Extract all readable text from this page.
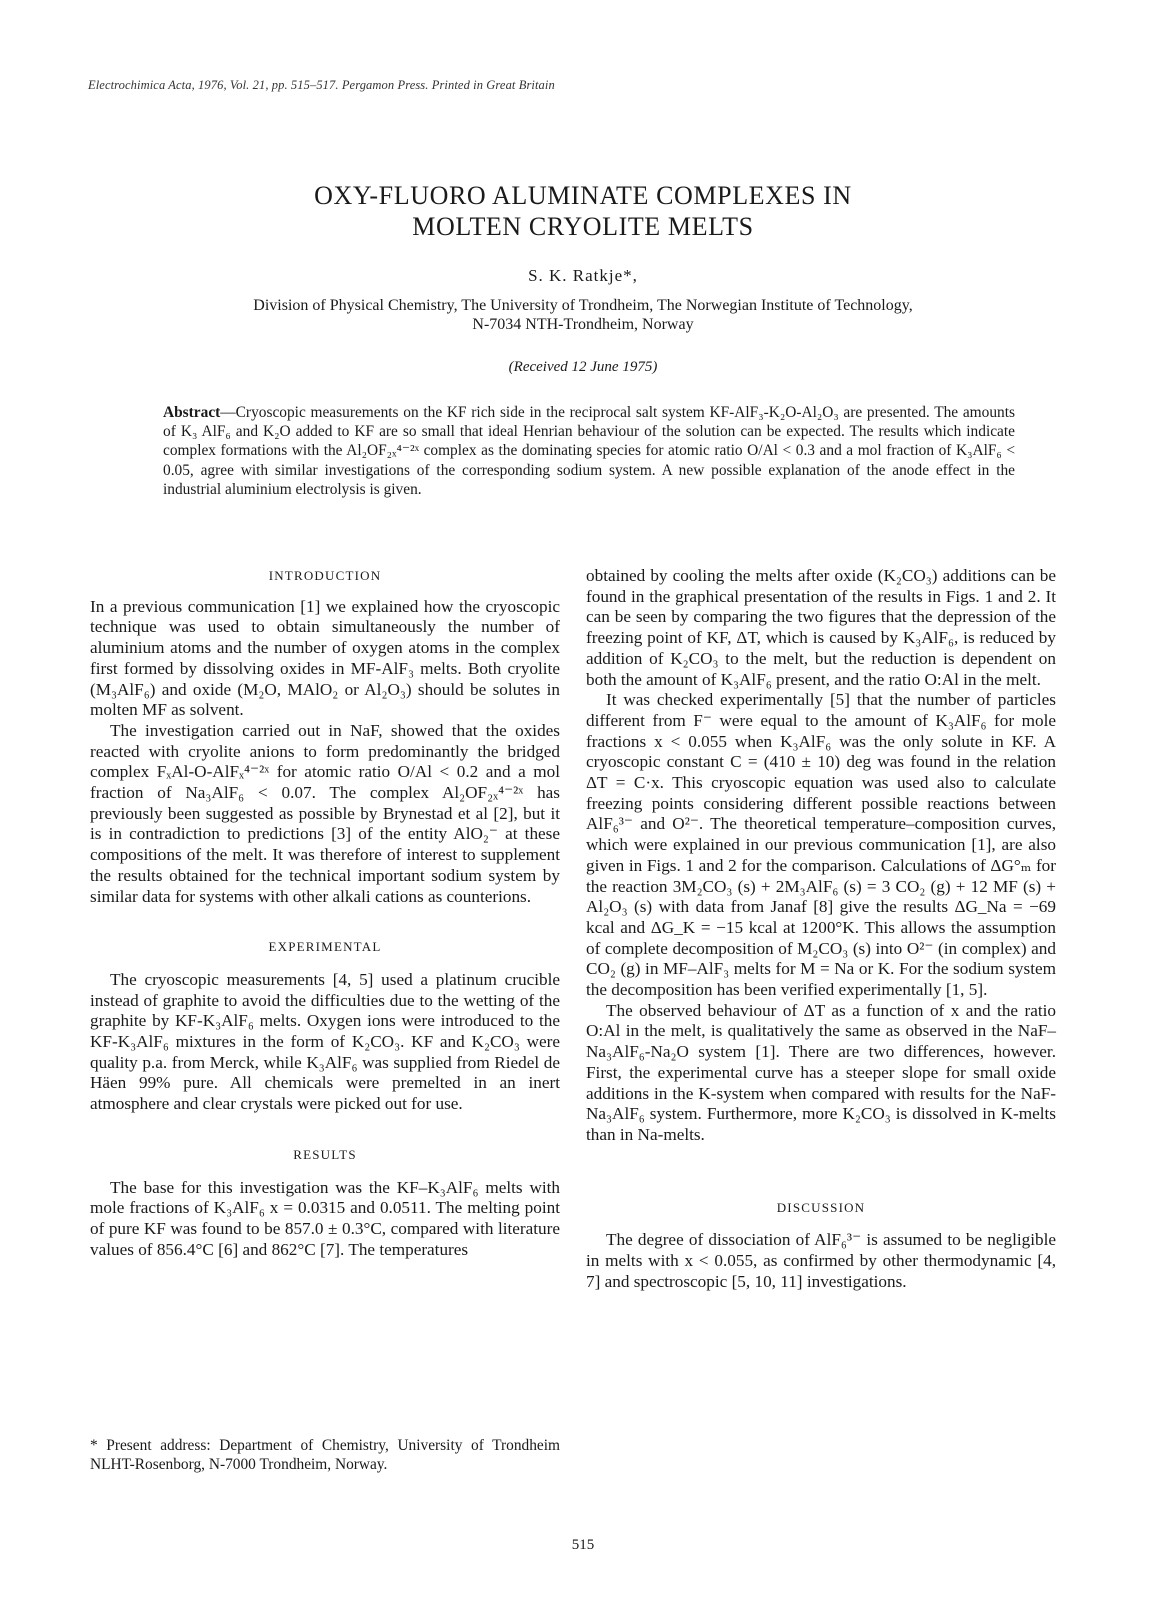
Electrochimica Acta, 1976, Vol. 21, pp. 515–517. Pergamon Press. Printed in Great Britain
OXY-FLUORO ALUMINATE COMPLEXES IN
MOLTEN CRYOLITE MELTS
S. K. Ratkje*,
Division of Physical Chemistry, The University of Trondheim, The Norwegian Institute of Technology,
N-7034 NTH-Trondheim, Norway
(Received 12 June 1975)
Abstract—Cryoscopic measurements on the KF rich side in the reciprocal salt system KF-AlF₃-K₂O-Al₂O₃ are presented. The amounts of K₃ AlF₆ and K₂O added to KF are so small that ideal Henrian behaviour of the solution can be expected. The results which indicate complex formations with the Al₂OF₂ₓ⁴⁻²ˣ complex as the dominating species for atomic ratio O/Al < 0.3 and a mol fraction of K₃AlF₆ < 0.05, agree with similar investigations of the corresponding sodium system. A new possible explanation of the anode effect in the industrial aluminium electrolysis is given.
INTRODUCTION

In a previous communication [1] we explained how the cryoscopic technique was used to obtain simultaneously the number of aluminium atoms and the number of oxygen atoms in the complex first formed by dissolving oxides in MF-AlF₃ melts. Both cryolite (M₃AlF₆) and oxide (M₂O, MAlO₂ or Al₂O₃) should be solutes in molten MF as solvent.

The investigation carried out in NaF, showed that the oxides reacted with cryolite anions to form predominantly the bridged complex FₓAl-O-AlFₓ⁴⁻²ˣ for atomic ratio O/Al < 0.2 and a mol fraction of Na₃AlF₆ < 0.07. The complex Al₂OF₂ₓ⁴⁻²ˣ has previously been suggested as possible by Brynestad et al [2], but it is in contradiction to predictions [3] of the entity AlO₂⁻ at these compositions of the melt. It was therefore of interest to supplement the results obtained for the technical important sodium system by similar data for systems with other alkali cations as counterions.

EXPERIMENTAL

The cryoscopic measurements [4, 5] used a platinum crucible instead of graphite to avoid the difficulties due to the wetting of the graphite by KF-K₃AlF₆ melts. Oxygen ions were introduced to the KF-K₃AlF₆ mixtures in the form of K₂CO₃. KF and K₂CO₃ were quality p.a. from Merck, while K₃AlF₆ was supplied from Riedel de Häen 99% pure. All chemicals were premelted in an inert atmosphere and clear crystals were picked out for use.

RESULTS

The base for this investigation was the KF–K₃AlF₆ melts with mole fractions of K₃AlF₆ x = 0.0315 and 0.0511. The melting point of pure KF was found to be 857.0 ± 0.3°C, compared with literature values of 856.4°C [6] and 862°C [7]. The temperatures

obtained by cooling the melts after oxide (K₂CO₃) additions can be found in the graphical presentation of the results in Figs. 1 and 2. It can be seen by comparing the two figures that the depression of the freezing point of KF, ΔT, which is caused by K₃AlF₆, is reduced by addition of K₂CO₃ to the melt, but the reduction is dependent on both the amount of K₃AlF₆ present, and the ratio O:Al in the melt.

It was checked experimentally [5] that the number of particles different from F⁻ were equal to the amount of K₃AlF₆ for mole fractions x < 0.055 when K₃AlF₆ was the only solute in KF. A cryoscopic constant C = (410 ± 10) deg was found in the relation ΔT = C·x. This cryoscopic equation was used also to calculate freezing points considering different possible reactions between AlF₆³⁻ and O²⁻. The theoretical temperature–composition curves, which were explained in our previous communication [1], are also given in Figs. 1 and 2 for the comparison. Calculations of ΔG°ₘ for the reaction 3M₂CO₃ (s) + 2M₃AlF₆ (s) = 3 CO₂ (g) + 12 MF (s) + Al₂O₃ (s) with data from Janaf [8] give the results ΔG_Na = −69 kcal and ΔG_K = −15 kcal at 1200°K. This allows the assumption of complete decomposition of M₂CO₃ (s) into O²⁻ (in complex) and CO₂ (g) in MF–AlF₃ melts for M = Na or K. For the sodium system the decomposition has been verified experimentally [1, 5].

The observed behaviour of ΔT as a function of x and the ratio O:Al in the melt, is qualitatively the same as observed in the NaF–Na₃AlF₆-Na₂O system [1]. There are two differences, however. First, the experimental curve has a steeper slope for small oxide additions in the K-system when compared with results for the NaF-Na₃AlF₆ system. Furthermore, more K₂CO₃ is dissolved in K-melts than in Na-melts.

DISCUSSION

The degree of dissociation of AlF₆³⁻ is assumed to be negligible in melts with x < 0.055, as confirmed by other thermodynamic [4, 7] and spectroscopic [5, 10, 11] investigations.

* Present address: Department of Chemistry, University of Trondheim NLHT-Rosenborg, N-7000 Trondheim, Norway.
515
